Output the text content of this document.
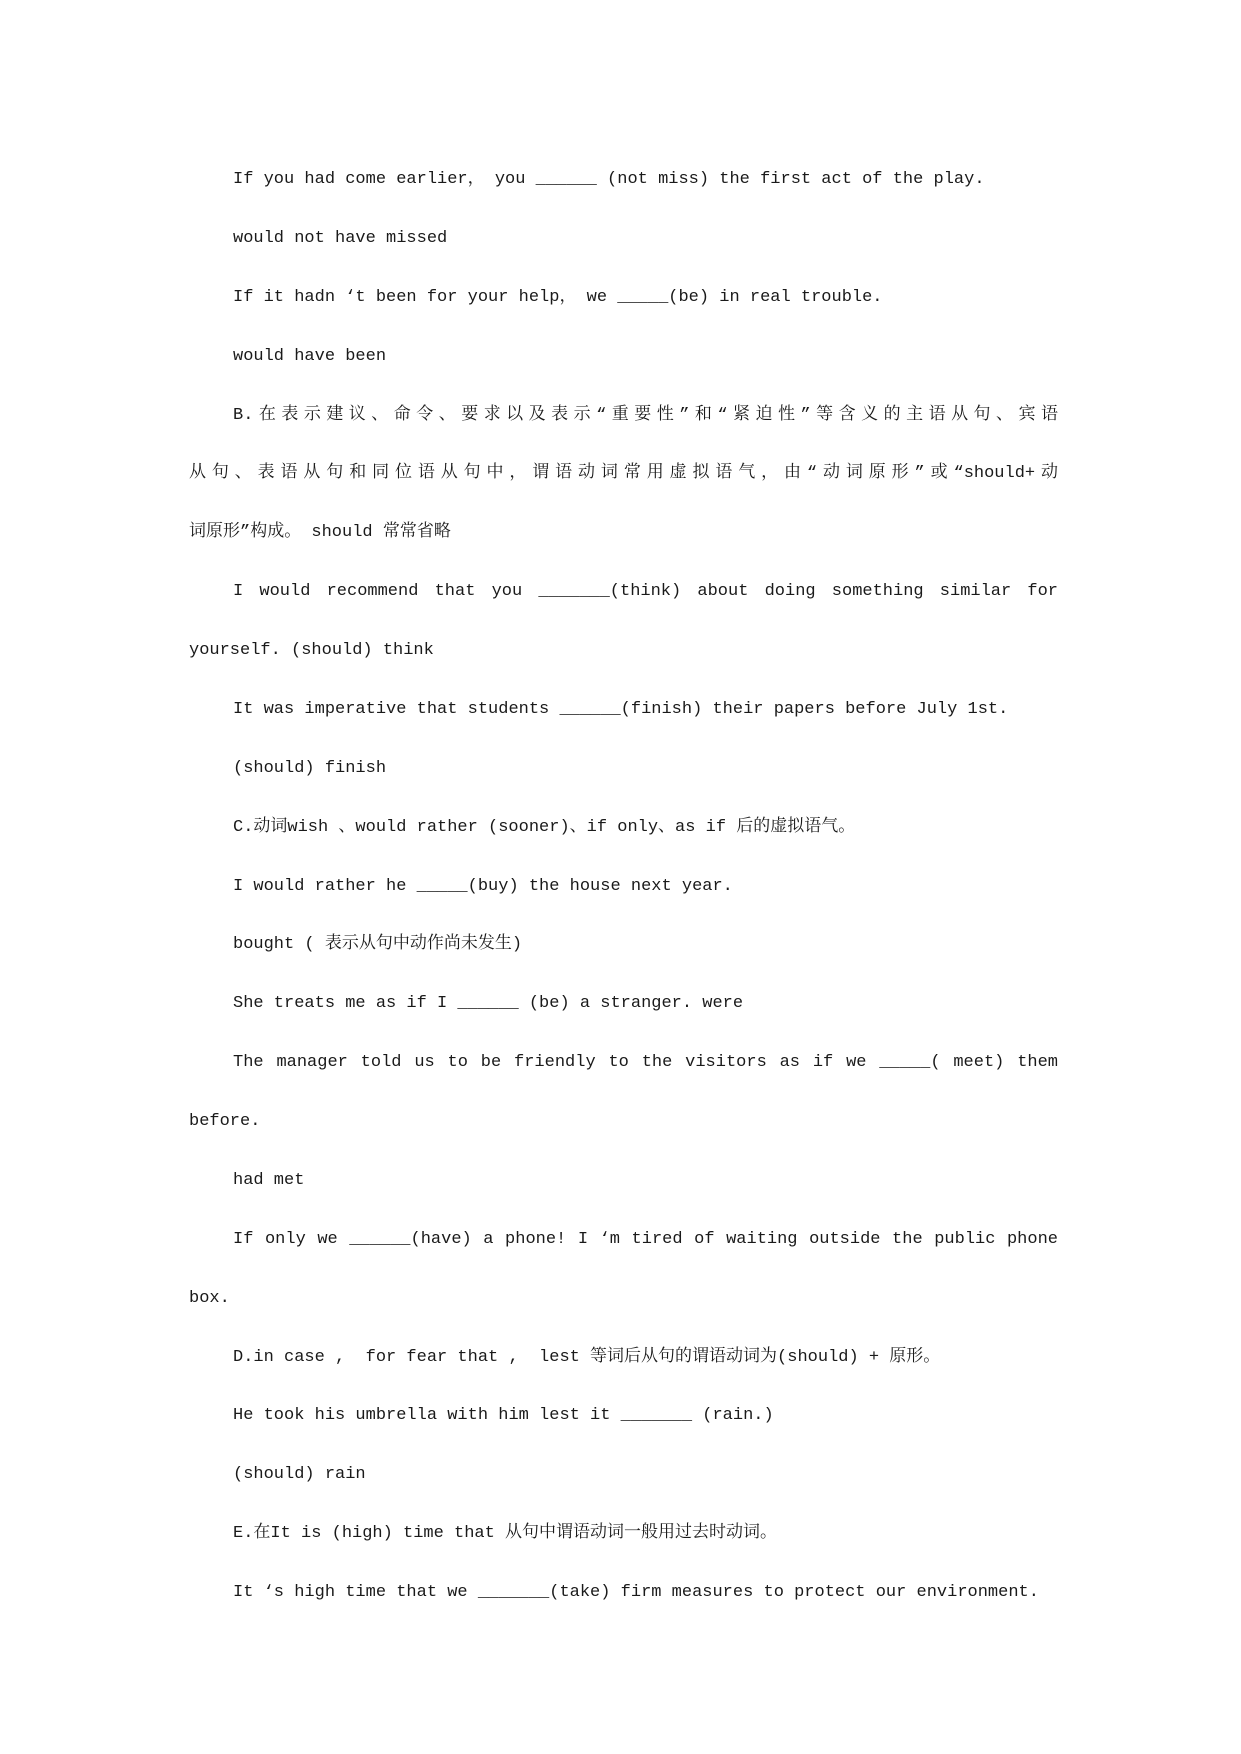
If you had come earlier， you ______ (not miss) the first act of the play.
would not have missed
If it hadn ‘t been for your help， we _____(be) in real trouble.
would have been
B.在表示建议、命令、要求以及表示“重要性”和“紧迫性”等含义的主语从句、宾语
从句、表语从句和同位语从句中，谓语动词常用虚拟语气，由“动词原形”或“should+动
词原形”构成。 should 常常省略
I would recommend that you _______(think) about doing something similar for
yourself. (should) think
It was imperative that students ______(finish) their papers before July 1st.
(should) finish
C.动词wish 、would rather (sooner)、if only、as if 后的虚拟语气。
I would rather he _____(buy) the house next year.
bought ( 表示从句中动作尚未发生)
She treats me as if I ______ (be) a stranger. were
The manager told us to be friendly to the visitors as if we _____( meet) them
before.
had met
If only we ______(have) a phone! I ‘m tired of waiting outside the public phone
box.
D.in case ,  for fear that ,  lest 等词后从句的谓语动词为(should) + 原形。
He took his umbrella with him lest it _______ (rain.)
(should) rain
E.在It is (high) time that 从句中谓语动词一般用过去时动词。
It ‘s high time that we _______(take) firm measures to protect our environment.
